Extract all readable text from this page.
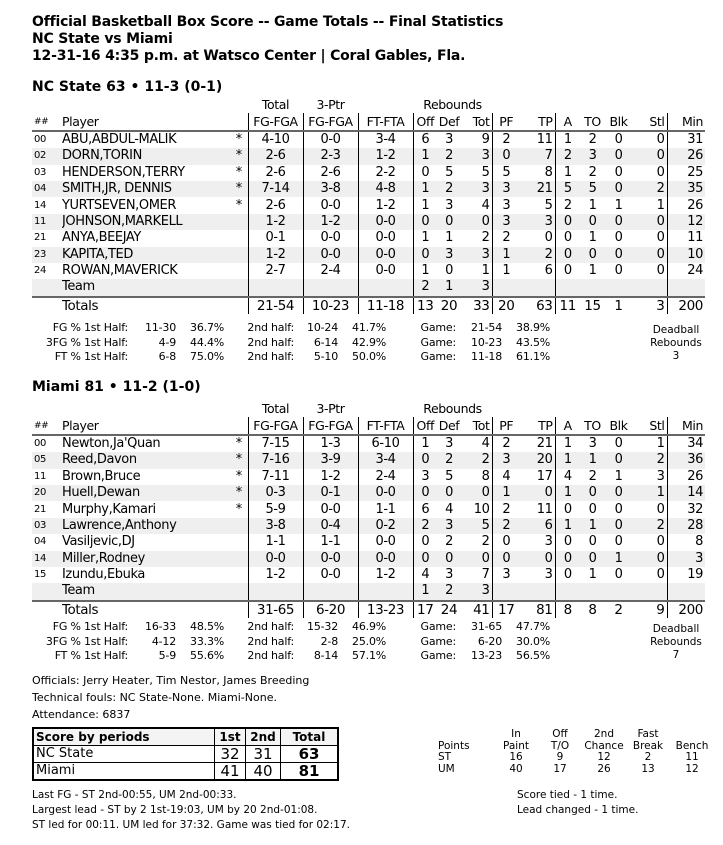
Official Basketball Box Score -- Game Totals -- Final Statistics
NC State vs Miami
12-31-16 4:35 p.m. at Watsco Center | Coral Gables, Fla.
NC State 63 • 11-3 (0-1)
			Total	3-Ptr		Rebounds									
##	Player		FG-FGA	FG-FGA	FT-FTA	Off	Def	Tot	PF	TP	A	TO	Blk	Stl	Min
00	ABU,ABDUL-MALIK	*	4-10	0-0	3-4	6	3	9	2	11	1	2	0	0	31
02	DORN,TORIN	*	2-6	2-3	1-2	1	2	3	0	7	2	3	0	0	26
03	HENDERSON,TERRY	*	2-6	2-6	2-2	0	5	5	5	8	1	2	0	0	25
04	SMITH,JR, DENNIS	*	7-14	3-8	4-8	1	2	3	3	21	5	5	0	2	35
14	YURTSEVEN,OMER	*	2-6	0-0	1-2	1	3	4	3	5	2	1	1	1	26
11	JOHNSON,MARKELL		1-2	1-2	0-0	0	0	0	3	3	0	0	0	0	12
21	ANYA,BEEJAY		0-1	0-0	0-0	1	1	2	2	0	0	1	0	0	11
23	KAPITA,TED		1-2	0-0	0-0	0	3	3	1	2	0	0	0	0	10
24	ROWAN,MAVERICK		2-7	2-4	0-0	1	0	1	1	6	0	1	0	0	24
	Team					2	1	3							
	Totals		21-54	10-23	11-18	13	20	33	20	63	11	15	1	3	200
FG % 1st Half:	11-30	36.7%	2nd half:	10-24	41.7%	Game:	21-54	38.9%
3FG % 1st Half:	4-9	44.4%	2nd half:	6-14	42.9%	Game:	10-23	43.5%
FT % 1st Half:	6-8	75.0%	2nd half:	5-10	50.0%	Game:	11-18	61.1%
Deadball
Rebounds
3
Miami 81 • 11-2 (1-0)
			Total	3-Ptr		Rebounds									
##	Player		FG-FGA	FG-FGA	FT-FTA	Off	Def	Tot	PF	TP	A	TO	Blk	Stl	Min
00	Newton,Ja'Quan	*	7-15	1-3	6-10	1	3	4	2	21	1	3	0	1	34
05	Reed,Davon	*	7-16	3-9	3-4	0	2	2	3	20	1	1	0	2	36
11	Brown,Bruce	*	7-11	1-2	2-4	3	5	8	4	17	4	2	1	3	26
20	Huell,Dewan	*	0-3	0-1	0-0	0	0	0	1	0	1	0	0	1	14
21	Murphy,Kamari	*	5-9	0-0	1-1	6	4	10	2	11	0	0	0	0	32
03	Lawrence,Anthony		3-8	0-4	0-2	2	3	5	2	6	1	1	0	2	28
04	Vasiljevic,DJ		1-1	1-1	0-0	0	2	2	0	3	0	0	0	0	8
14	Miller,Rodney		0-0	0-0	0-0	0	0	0	0	0	0	0	1	0	3
15	Izundu,Ebuka		1-2	0-0	1-2	4	3	7	3	3	0	1	0	0	19
	Team					1	2	3							
	Totals		31-65	6-20	13-23	17	24	41	17	81	8	8	2	9	200
FG % 1st Half:	16-33	48.5%	2nd half:	15-32	46.9%	Game:	31-65	47.7%
3FG % 1st Half:	4-12	33.3%	2nd half:	2-8	25.0%	Game:	6-20	30.0%
FT % 1st Half:	5-9	55.6%	2nd half:	8-14	57.1%	Game:	13-23	56.5%
Deadball
Rebounds
7
Officials: Jerry Heater, Tim Nestor, James Breeding
Technical fouls: NC State-None. Miami-None.
Attendance: 6837
Score by periods	1st	2nd	Total
NC State	32	31	63
Miami	41	40	81
	In	Off	2nd	Fast	
Points	Paint	T/O	Chance	Break	Bench
ST	16	9	12	2	11
UM	40	17	26	13	12
Last FG - ST 2nd-00:55, UM 2nd-00:33.
Largest lead - ST by 2 1st-19:03, UM by 20 2nd-01:08.
ST led for 00:11. UM led for 37:32. Game was tied for 02:17.
Score tied - 1 time.
Lead changed - 1 time.
